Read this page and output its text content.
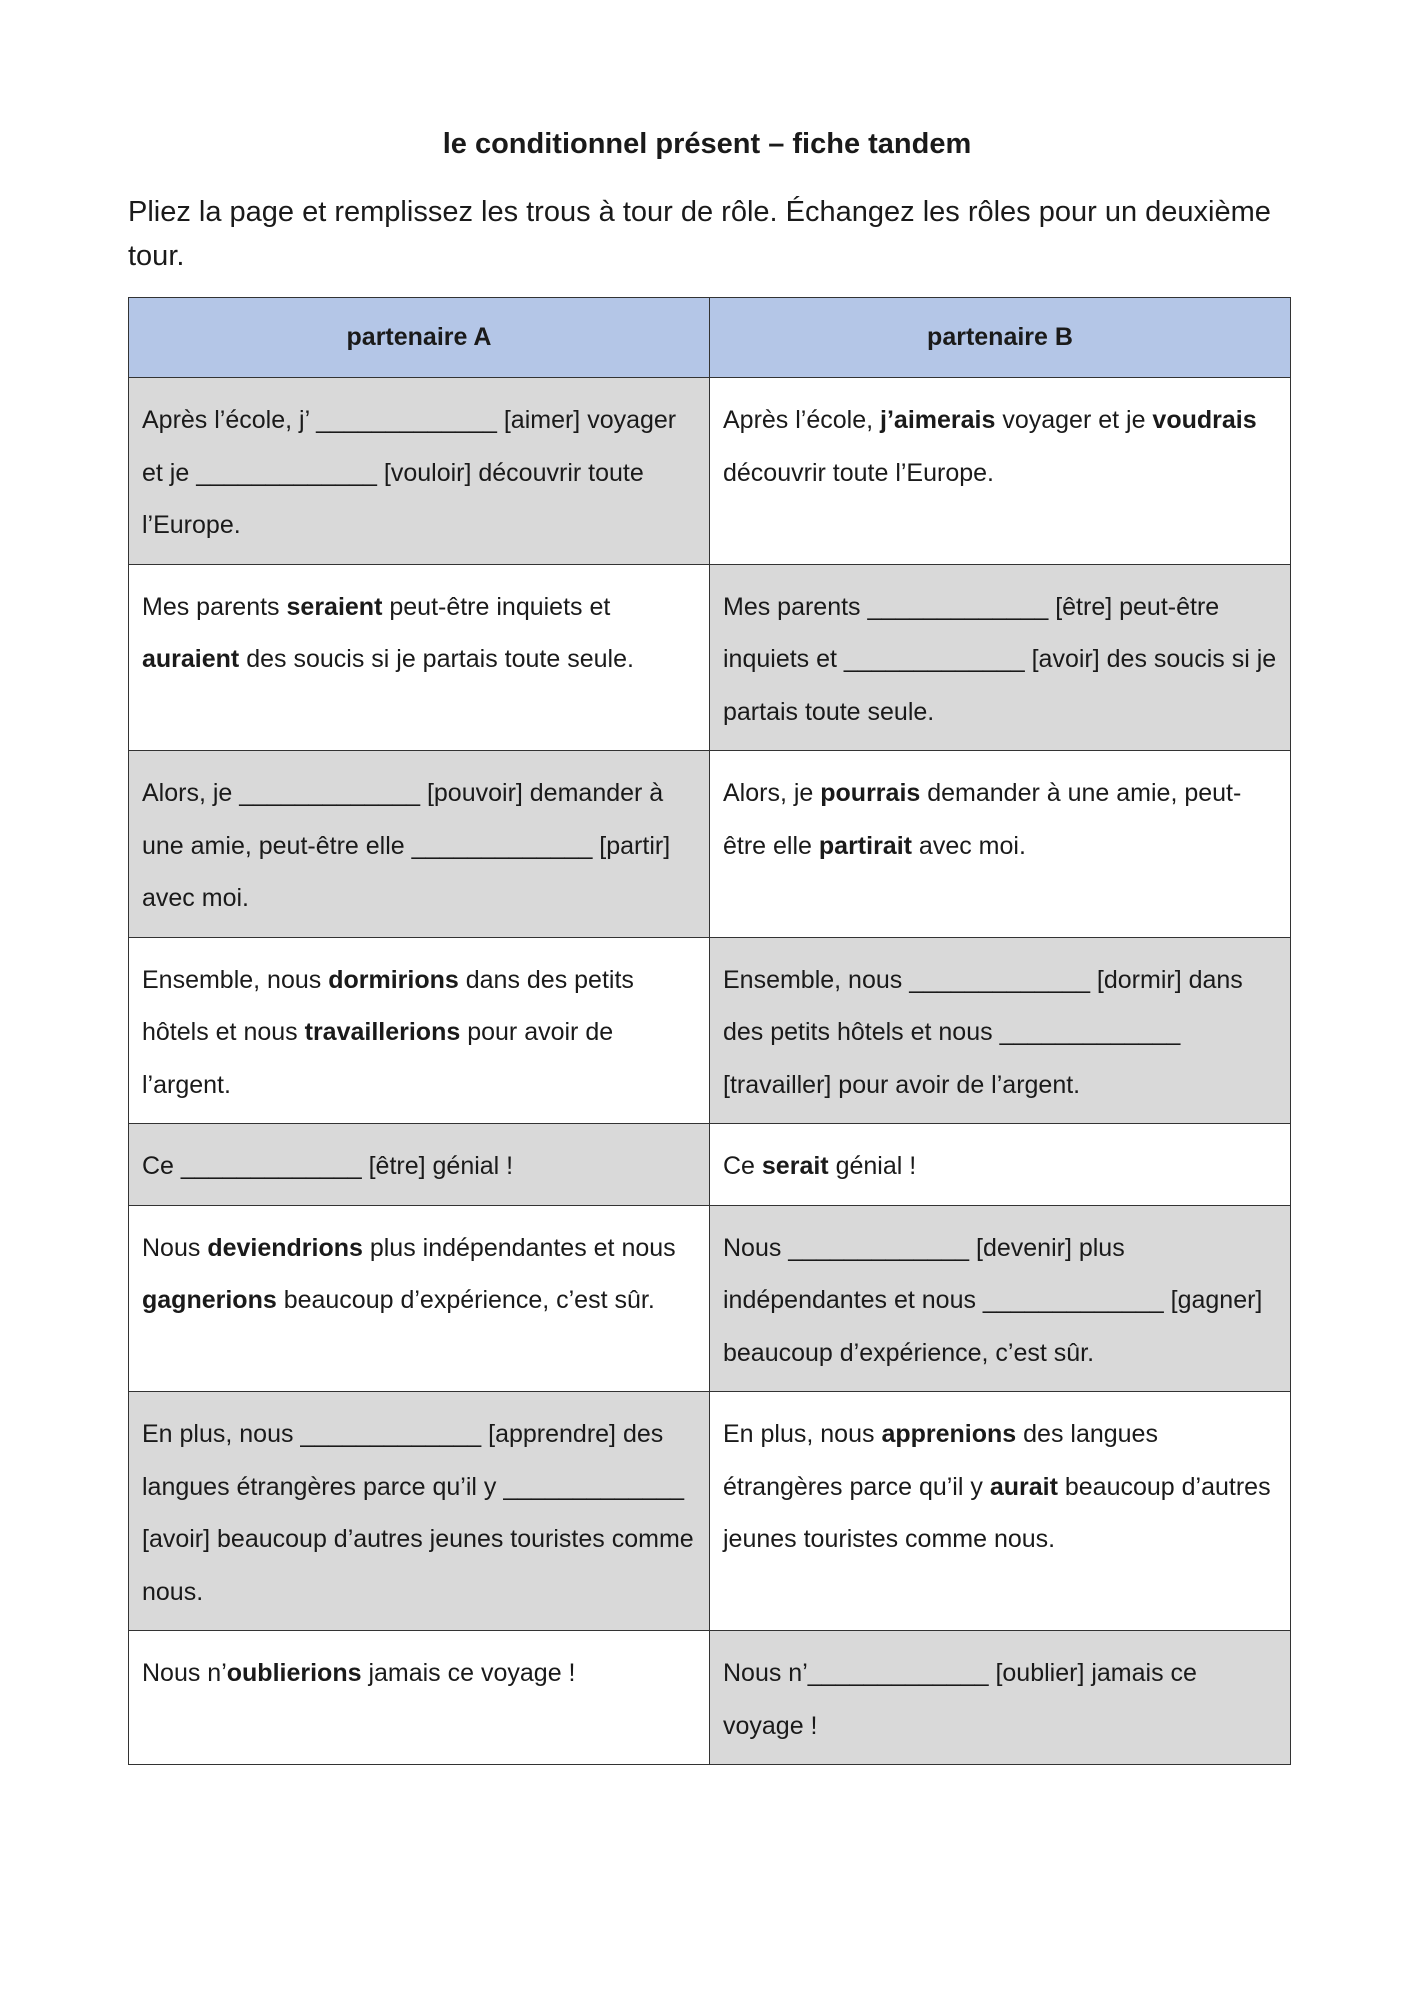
le conditionnel présent – fiche tandem
Pliez la page et remplissez les trous à tour de rôle. Échangez les rôles pour un deuxième tour.
partenaire A	partenaire B

Après l’école, j’ _____________ [aimer] voyager et je _____________ [vouloir] découvrir toute l’Europe.	Après l’école, j’aimerais voyager et je voudrais découvrir toute l’Europe.

Mes parents seraient peut-être inquiets et auraient des soucis si je partais toute seule.	Mes parents _____________ [être] peut-être inquiets et _____________ [avoir] des soucis si je partais toute seule.

Alors, je _____________ [pouvoir] demander à une amie, peut-être elle _____________ [partir] avec moi.	Alors, je pourrais demander à une amie, peut-être elle partirait avec moi.

Ensemble, nous dormirions dans des petits hôtels et nous travaillerions pour avoir de l’argent.	Ensemble, nous _____________ [dormir] dans des petits hôtels et nous _____________ [travailler] pour avoir de l’argent.

Ce _____________ [être] génial !	Ce serait génial !

Nous deviendrions plus indépendantes et nous gagnerions beaucoup d’expérience, c’est sûr.	Nous _____________ [devenir] plus indépendantes et nous _____________ [gagner] beaucoup d’expérience, c’est sûr.

En plus, nous _____________ [apprendre] des langues étrangères parce qu’il y _____________ [avoir] beaucoup d’autres jeunes touristes comme nous.	En plus, nous apprenions des langues étrangères parce qu’il y aurait beaucoup d’autres jeunes touristes comme nous.

Nous n’oublierions jamais ce voyage !	Nous n’_____________ [oublier] jamais ce voyage !
